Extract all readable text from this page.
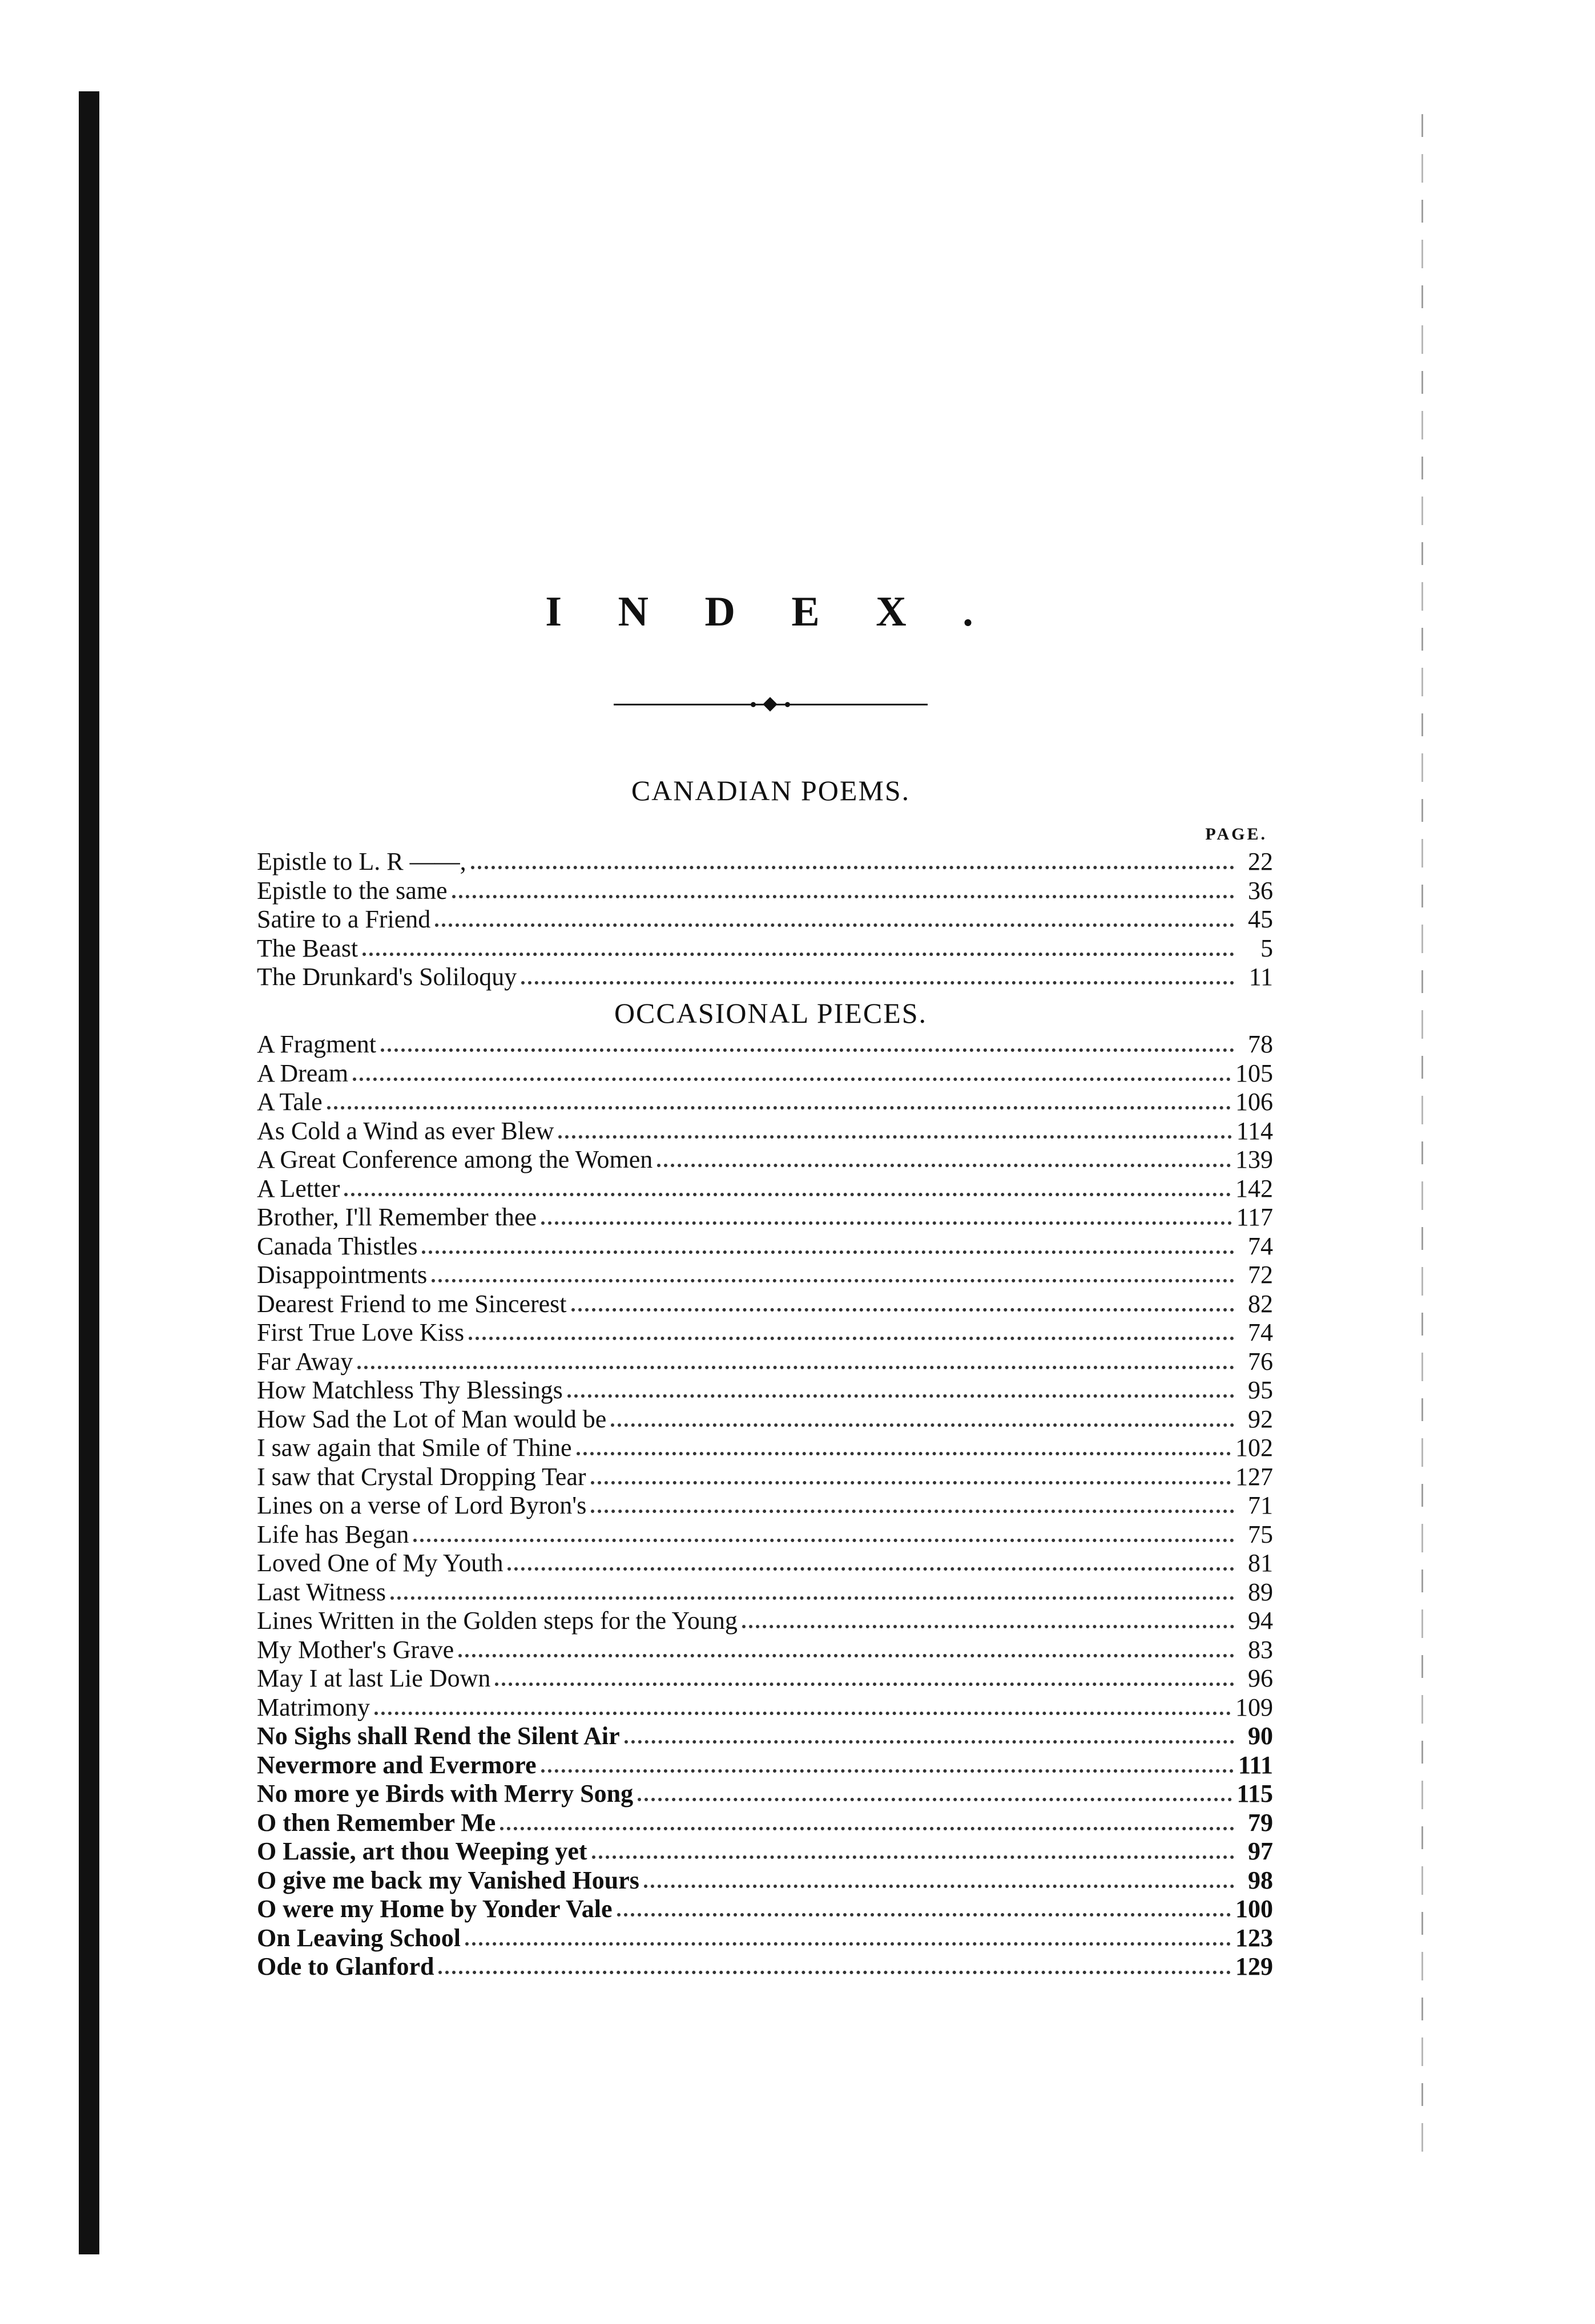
I N D E X .
CANADIAN POEMS.
PAGE.
Epistle to L. R ——,	22
Epistle to the same	36
Satire to a Friend	45
The Beast	5
The Drunkard's Soliloquy	11
OCCASIONAL PIECES.
A Fragment	78
A Dream	105
A Tale	106
As Cold a Wind as ever Blew	114
A Great Conference among the Women	139
A Letter	142
Brother, I'll Remember thee	117
Canada Thistles	74
Disappointments	72
Dearest Friend to me Sincerest	82
First True Love Kiss	74
Far Away	76
How Matchless Thy Blessings	95
How Sad the Lot of Man would be	92
I saw again that Smile of Thine	102
I saw that Crystal Dropping Tear	127
Lines on a verse of Lord Byron's	71
Life has Began	75
Loved One of My Youth	81
Last Witness	89
Lines Written in the Golden steps for the Young	94
My Mother's Grave	83
May I at last Lie Down	96
Matrimony	109
No Sighs shall Rend the Silent Air	90
Nevermore and Evermore	111
No more ye Birds with Merry Song	115
O then Remember Me	79
O Lassie, art thou Weeping yet	97
O give me back my Vanished Hours	98
O were my Home by Yonder Vale	100
On Leaving School	123
Ode to Glanford	129
